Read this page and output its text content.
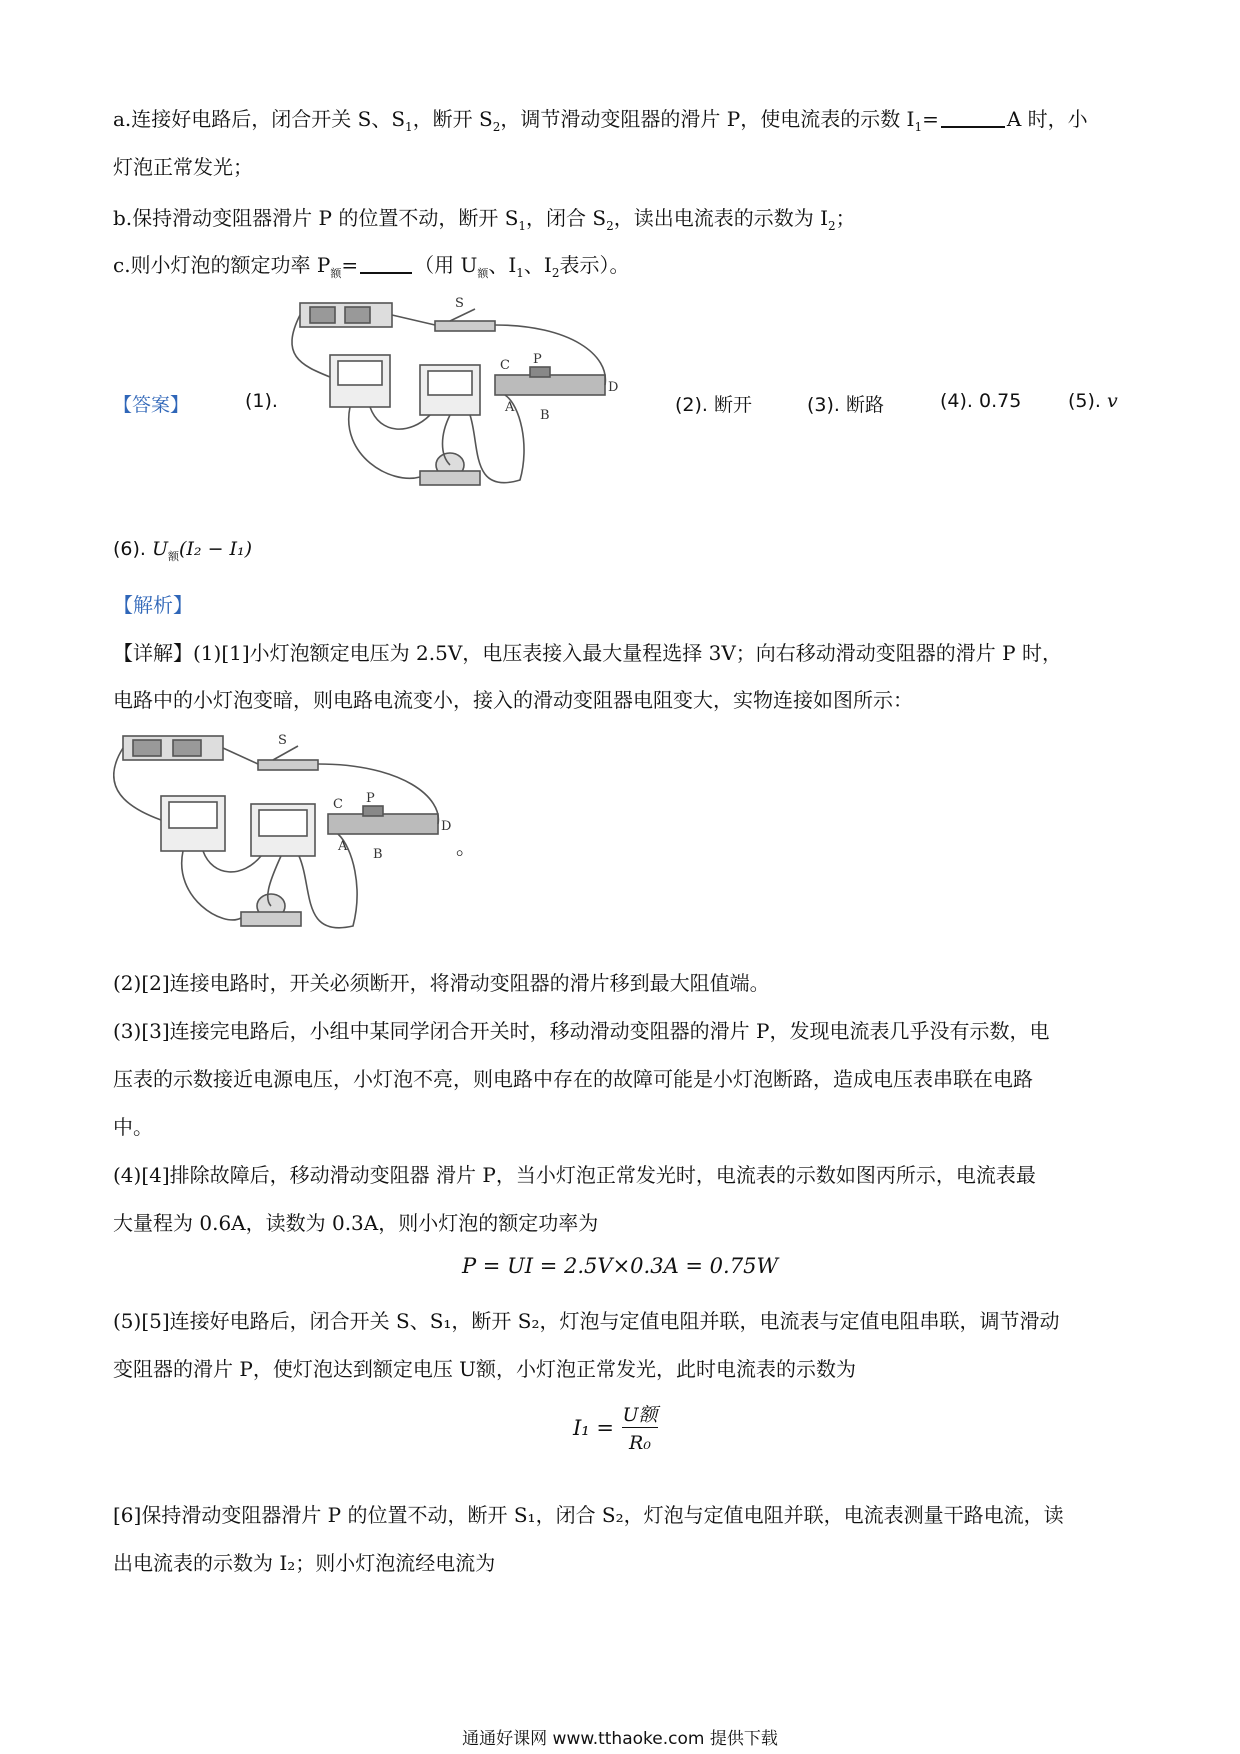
a.连接好电路后，闭合开关 S、$S_1$，断开 $S_2$，调节滑动变阻器的滑片 P，使电流表的示数 $I_1=$	A 时，小
灯泡正常发光；
b.保持滑动变阻器滑片 P 的位置不动，断开 $S_1$，闭合 $S_2$，读出电流表的示数为 $I_2$；
c.则小灯泡的额定功率 $P_额=$	（用 $U_额$、$I_1$、$I_2$表示）。
【答案】	(1).
S
C P
D
A
B	(2). 断开	(3). 断路	(4). 0.75 (5). v
(6). $U_额(I_2 - I_1)$
【解析】
【详解】(1)[1]小灯泡额定电压为 2.5V，电压表接入最大量程选择 3V；向右移动滑动变阻器的滑片 P 时，
电路中的小灯泡变暗，则电路电流变小，接入的滑动变阻器电阻变大，实物连接如图所示：
S
C P
D
A
B	。
(2)[2]连接电路时，开关必须断开，将滑动变阻器的滑片移到最大阻值端。
(3)[3]连接完电路后，小组中某同学闭合开关时，移动滑动变阻器的滑片 P，发现电流表几乎没有示数，电
压表的示数接近电源电压，小灯泡不亮，则电路中存在的故障可能是小灯泡断路，造成电压表串联在电路
中。
(4)[4]排除故障后，移动滑动变阻器 滑片 P，当小灯泡正常发光时，电流表的示数如图丙所示，电流表最
大量程为 0.6A，读数为 0.3A，则小灯泡的额定功率为
P = UI = 2.5V×0.3A = 0.75W
(5)[5]连接好电路后，闭合开关 S、S₁，断开 S₂，灯泡与定值电阻并联，电流表与定值电阻串联，调节滑动
变阻器的滑片 P，使灯泡达到额定电压 U额，小灯泡正常发光，此时电流表的示数为
I₁ =
U额
R₀
[6]保持滑动变阻器滑片 P 的位置不动，断开 S₁，闭合 S₂，灯泡与定值电阻并联，电流表测量干路电流，读
出电流表的示数为 I₂；则小灯泡流经电流为
通通好课网 www.tthaoke.com 提供下载
